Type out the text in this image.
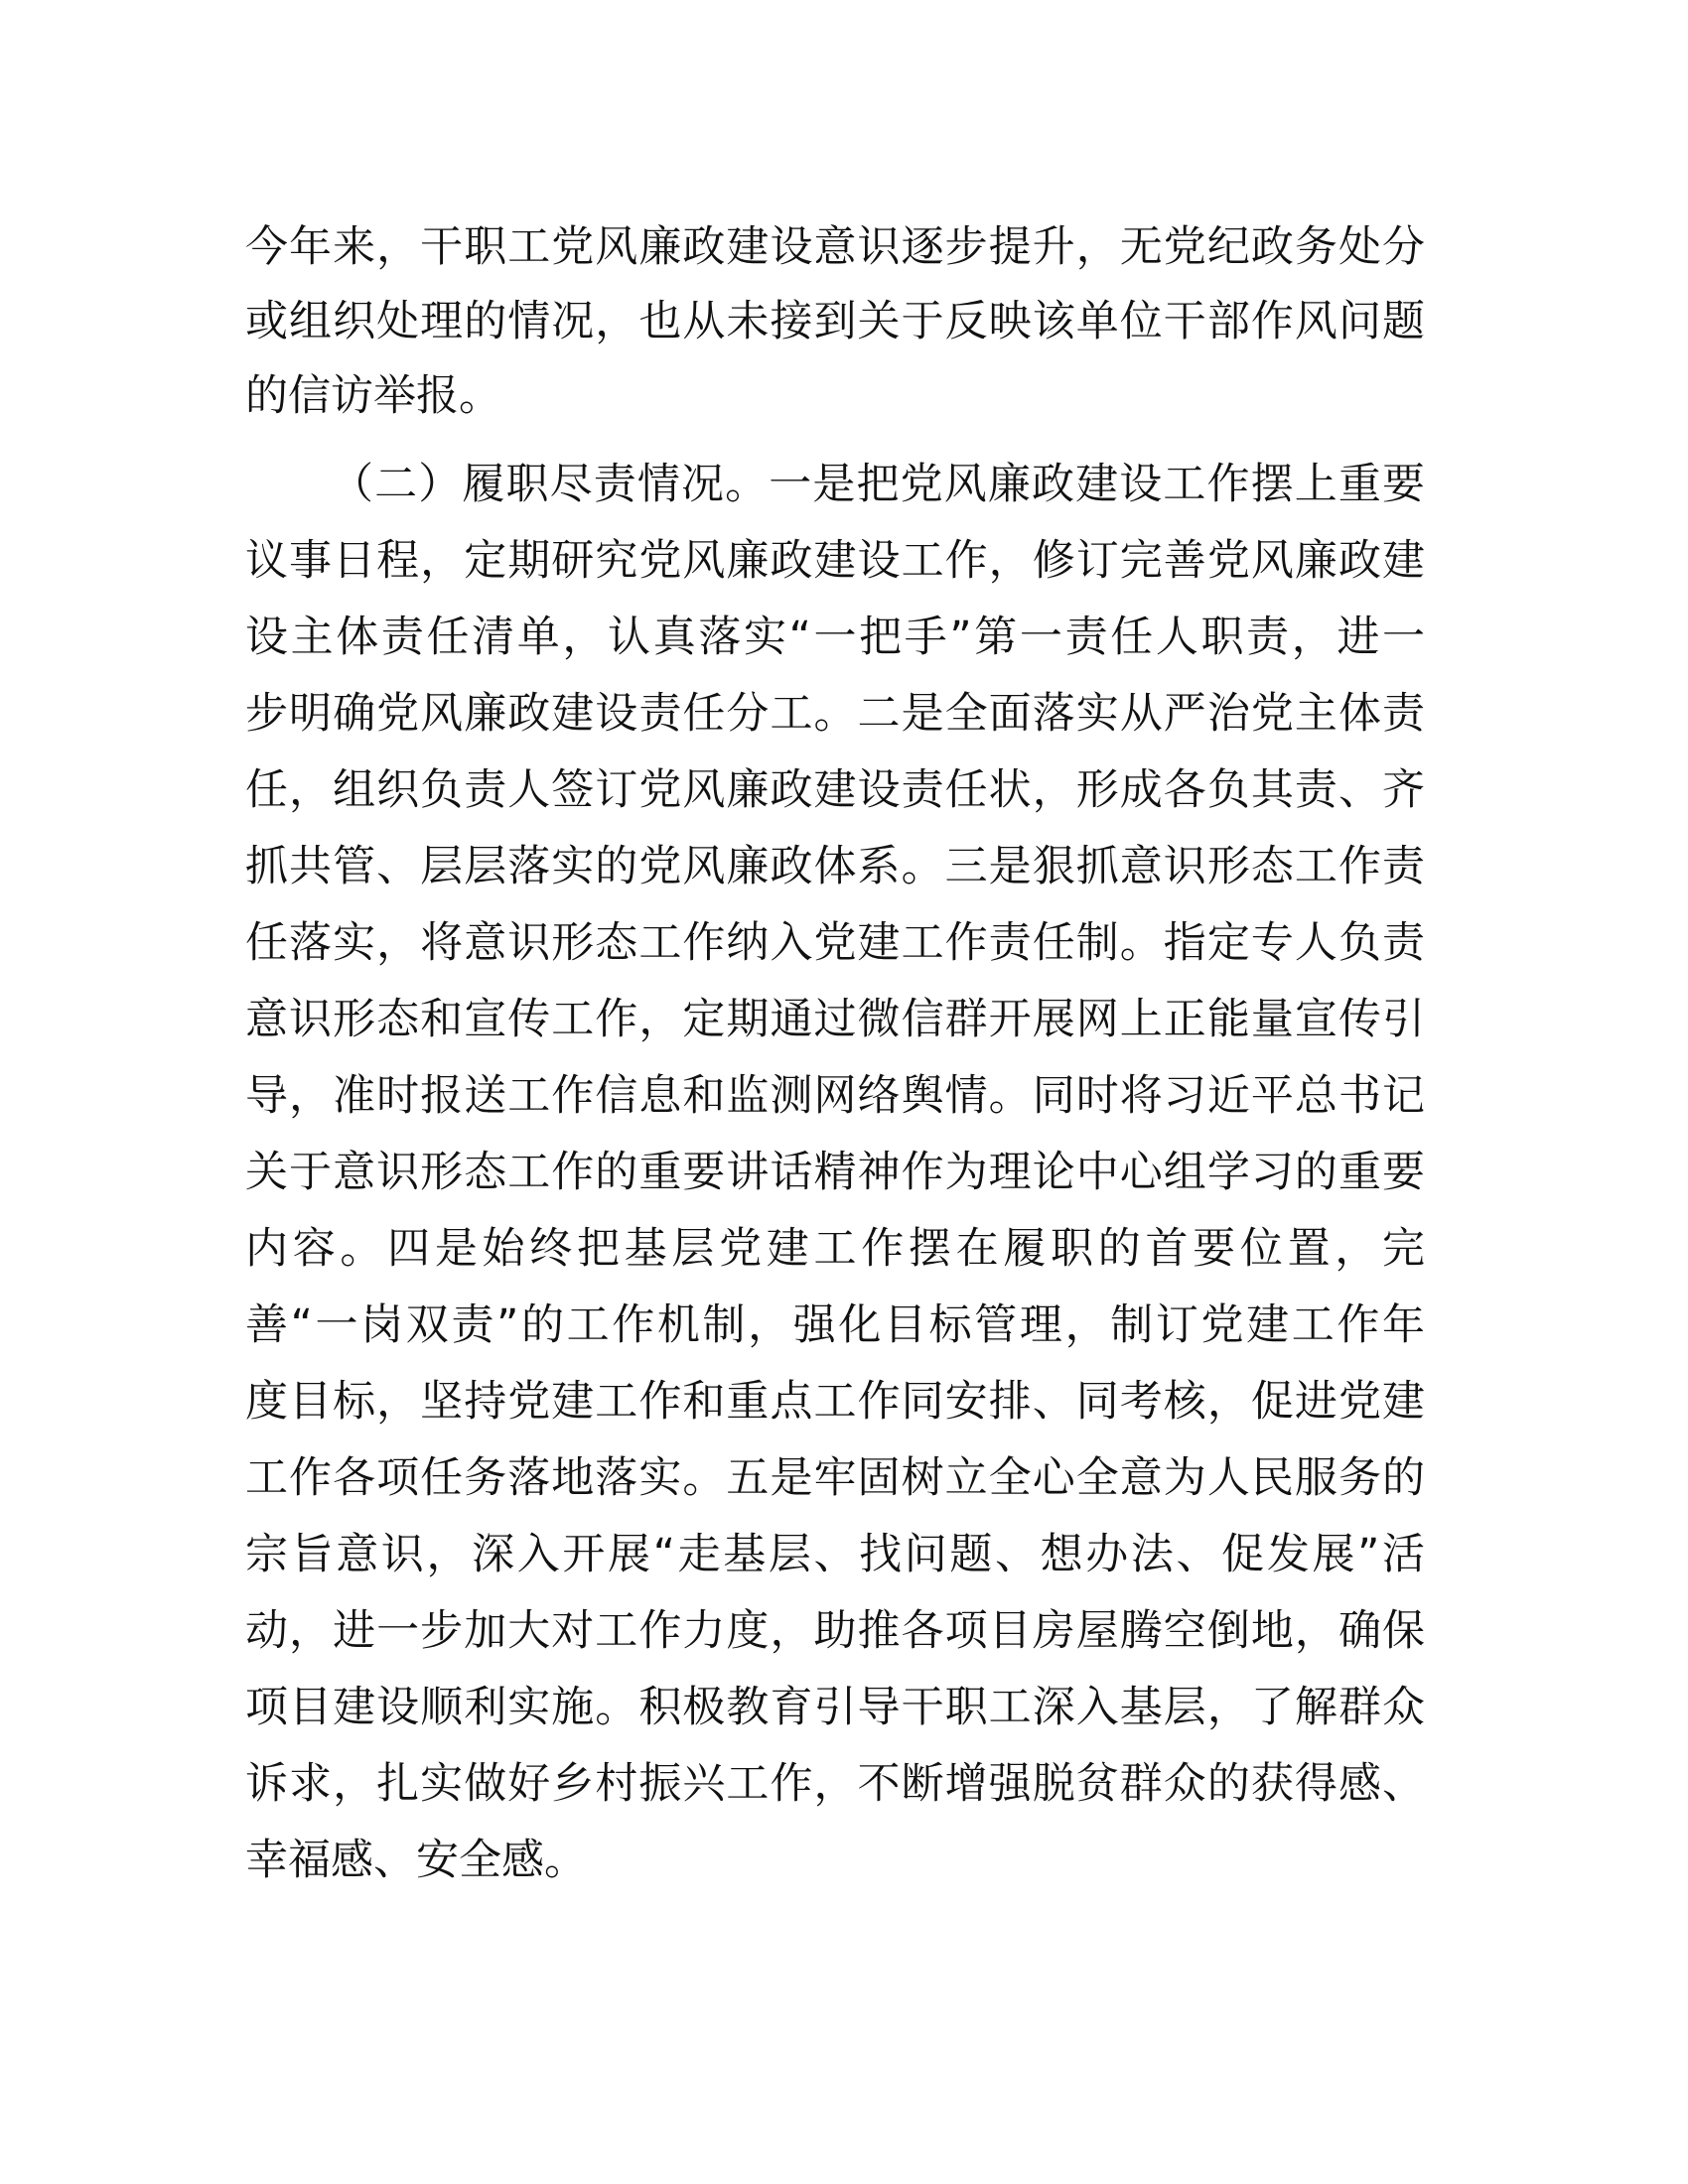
今年来，干职工党风廉政建设意识逐步提升，无党纪政务处分
或组织处理的情况，也从未接到关于反映该单位干部作风问题
的信访举报。
（二）履职尽责情况。一是把党风廉政建设工作摆上重要
议事日程，定期研究党风廉政建设工作，修订完善党风廉政建
设主体责任清单，认真落实“一把手”第一责任人职责，进一
步明确党风廉政建设责任分工。二是全面落实从严治党主体责
任，组织负责人签订党风廉政建设责任状，形成各负其责、齐
抓共管、层层落实的党风廉政体系。三是狠抓意识形态工作责
任落实，将意识形态工作纳入党建工作责任制。指定专人负责
意识形态和宣传工作，定期通过微信群开展网上正能量宣传引
导，准时报送工作信息和监测网络舆情。同时将习近平总书记
关于意识形态工作的重要讲话精神作为理论中心组学习的重要
内容。四是始终把基层党建工作摆在履职的首要位置，完
善“一岗双责”的工作机制，强化目标管理，制订党建工作年
度目标，坚持党建工作和重点工作同安排、同考核，促进党建
工作各项任务落地落实。五是牢固树立全心全意为人民服务的
宗旨意识，深入开展“走基层、找问题、想办法、促发展”活
动，进一步加大对工作力度，助推各项目房屋腾空倒地，确保
项目建设顺利实施。积极教育引导干职工深入基层，了解群众
诉求，扎实做好乡村振兴工作，不断增强脱贫群众的获得感、
幸福感、安全感。
